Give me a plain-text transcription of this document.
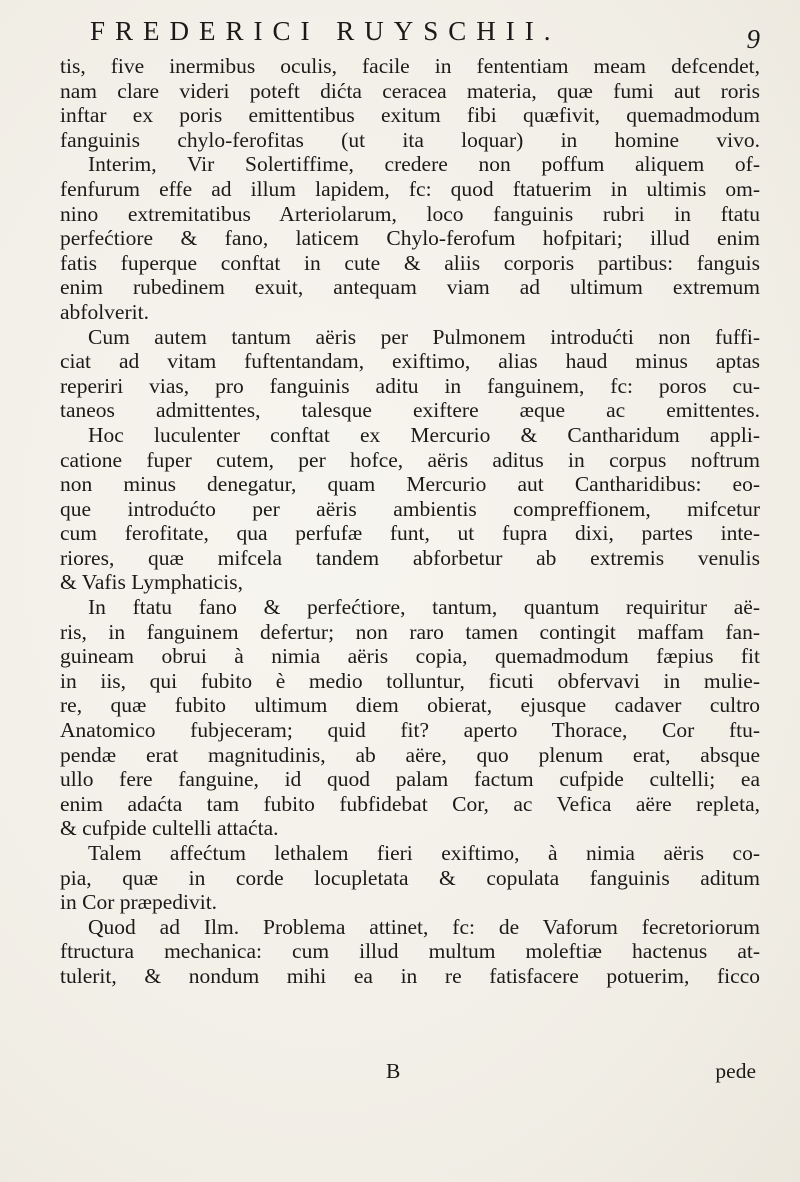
FREDERICI RUYSCHII.	9
tis, five inermibus oculis, facile in fententiam meam defcendet,
nam clare videri poteft dićta ceracea materia, quæ fumi aut roris
inftar ex poris emittentibus exitum fibi quæfivit, quemadmodum
fanguinis chylo-ferofitas (ut ita loquar) in homine vivo.
Interim, Vir Solertiffime, credere non poffum aliquem of-
fenfurum effe ad illum lapidem, fc: quod ftatuerim in ultimis om-
nino extremitatibus Arteriolarum, loco fanguinis rubri in ftatu
perfećtiore & fano, laticem Chylo-ferofum hofpitari; illud enim
fatis fuperque conftat in cute & aliis corporis partibus: fanguis
enim rubedinem exuit, antequam viam ad ultimum extremum
abfolverit.
Cum autem tantum aëris per Pulmonem introdućti non fuffi-
ciat ad vitam fuftentandam, exiftimo, alias haud minus aptas
reperiri vias, pro fanguinis aditu in fanguinem, fc: poros cu-
taneos admittentes, talesque exiftere æque ac emittentes.
Hoc luculenter conftat ex Mercurio & Cantharidum appli-
catione fuper cutem, per hofce, aëris aditus in corpus noftrum
non minus denegatur, quam Mercurio aut Cantharidibus: eo-
que introdućto per aëris ambientis compreffionem, mifcetur
cum ferofitate, qua perfufæ funt, ut fupra dixi, partes inte-
riores, quæ mifcela tandem abforbetur ab extremis venulis
& Vafis Lymphaticis,
In ftatu fano & perfećtiore, tantum, quantum requiritur aë-
ris, in fanguinem defertur; non raro tamen contingit maffam fan-
guineam obrui à nimia aëris copia, quemadmodum fæpius fit
in iis, qui fubito è medio tolluntur, ficuti obfervavi in mulie-
re, quæ fubito ultimum diem obierat, ejusque cadaver cultro
Anatomico fubjeceram; quid fit? aperto Thorace, Cor ftu-
pendæ erat magnitudinis, ab aëre, quo plenum erat, absque
ullo fere fanguine, id quod palam factum cufpide cultelli; ea
enim adaćta tam fubito fubfidebat Cor, ac Vefica aëre repleta,
& cufpide cultelli attaćta.
Talem affećtum lethalem fieri exiftimo, à nimia aëris co-
pia, quæ in corde locupletata & copulata fanguinis aditum
in Cor præpedivit.
Quod ad Ilm. Problema attinet, fc: de Vaforum fecretoriorum
ftructura mechanica: cum illud multum moleftiæ hactenus at-
tulerit, & nondum mihi ea in re fatisfacere potuerim, ficco
B	pede
